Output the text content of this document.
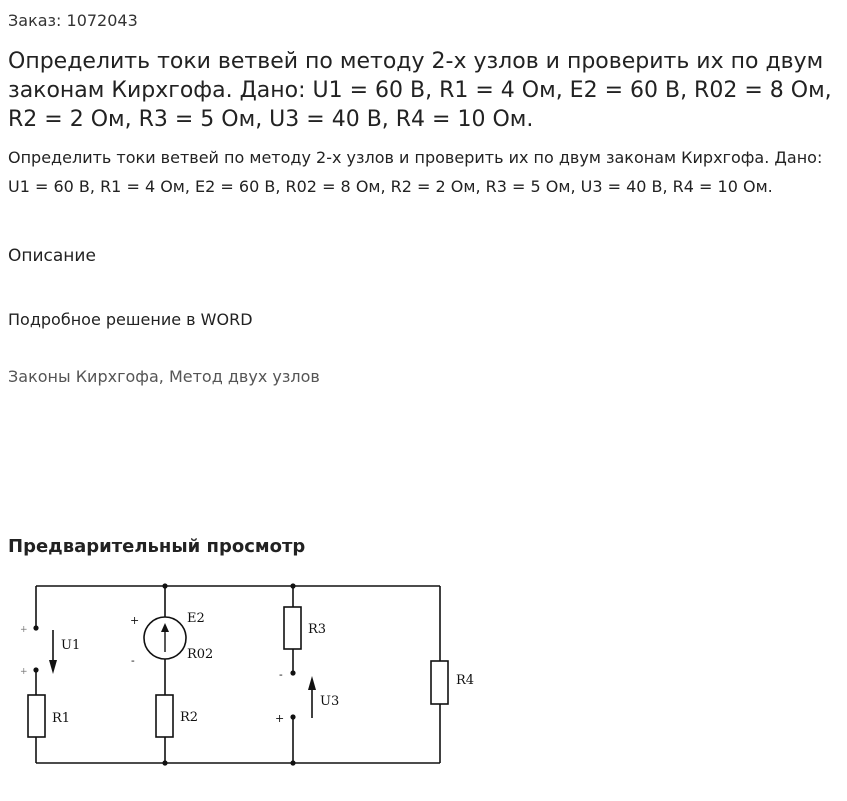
Заказ: 1072043
Определить токи ветвей по методу 2-х узлов и проверить их по двум законам Кирхгофа. Дано: U1 = 60 В, R1 = 4 Ом, E2 = 60 В, R02 = 8 Ом, R2 = 2 Ом, R3 = 5 Ом, U3 = 40 В, R4 = 10 Ом.

Определить токи ветвей по методу 2-х узлов и проверить их по двум законам Кирхгофа. Дано: U1 = 60 В, R1 = 4 Ом, E2 = 60 В, R02 = 8 Ом, R2 = 2 Ом, R3 = 5 Ом, U3 = 40 В, R4 = 10 Ом.

Описание
Подробное решение в WORD
Законы Кирхгофа, Метод двух узлов
Предварительный просмотр
U1
R1
E2
R02
R2
R3
U3
R4
+
+
+
-
-
+
